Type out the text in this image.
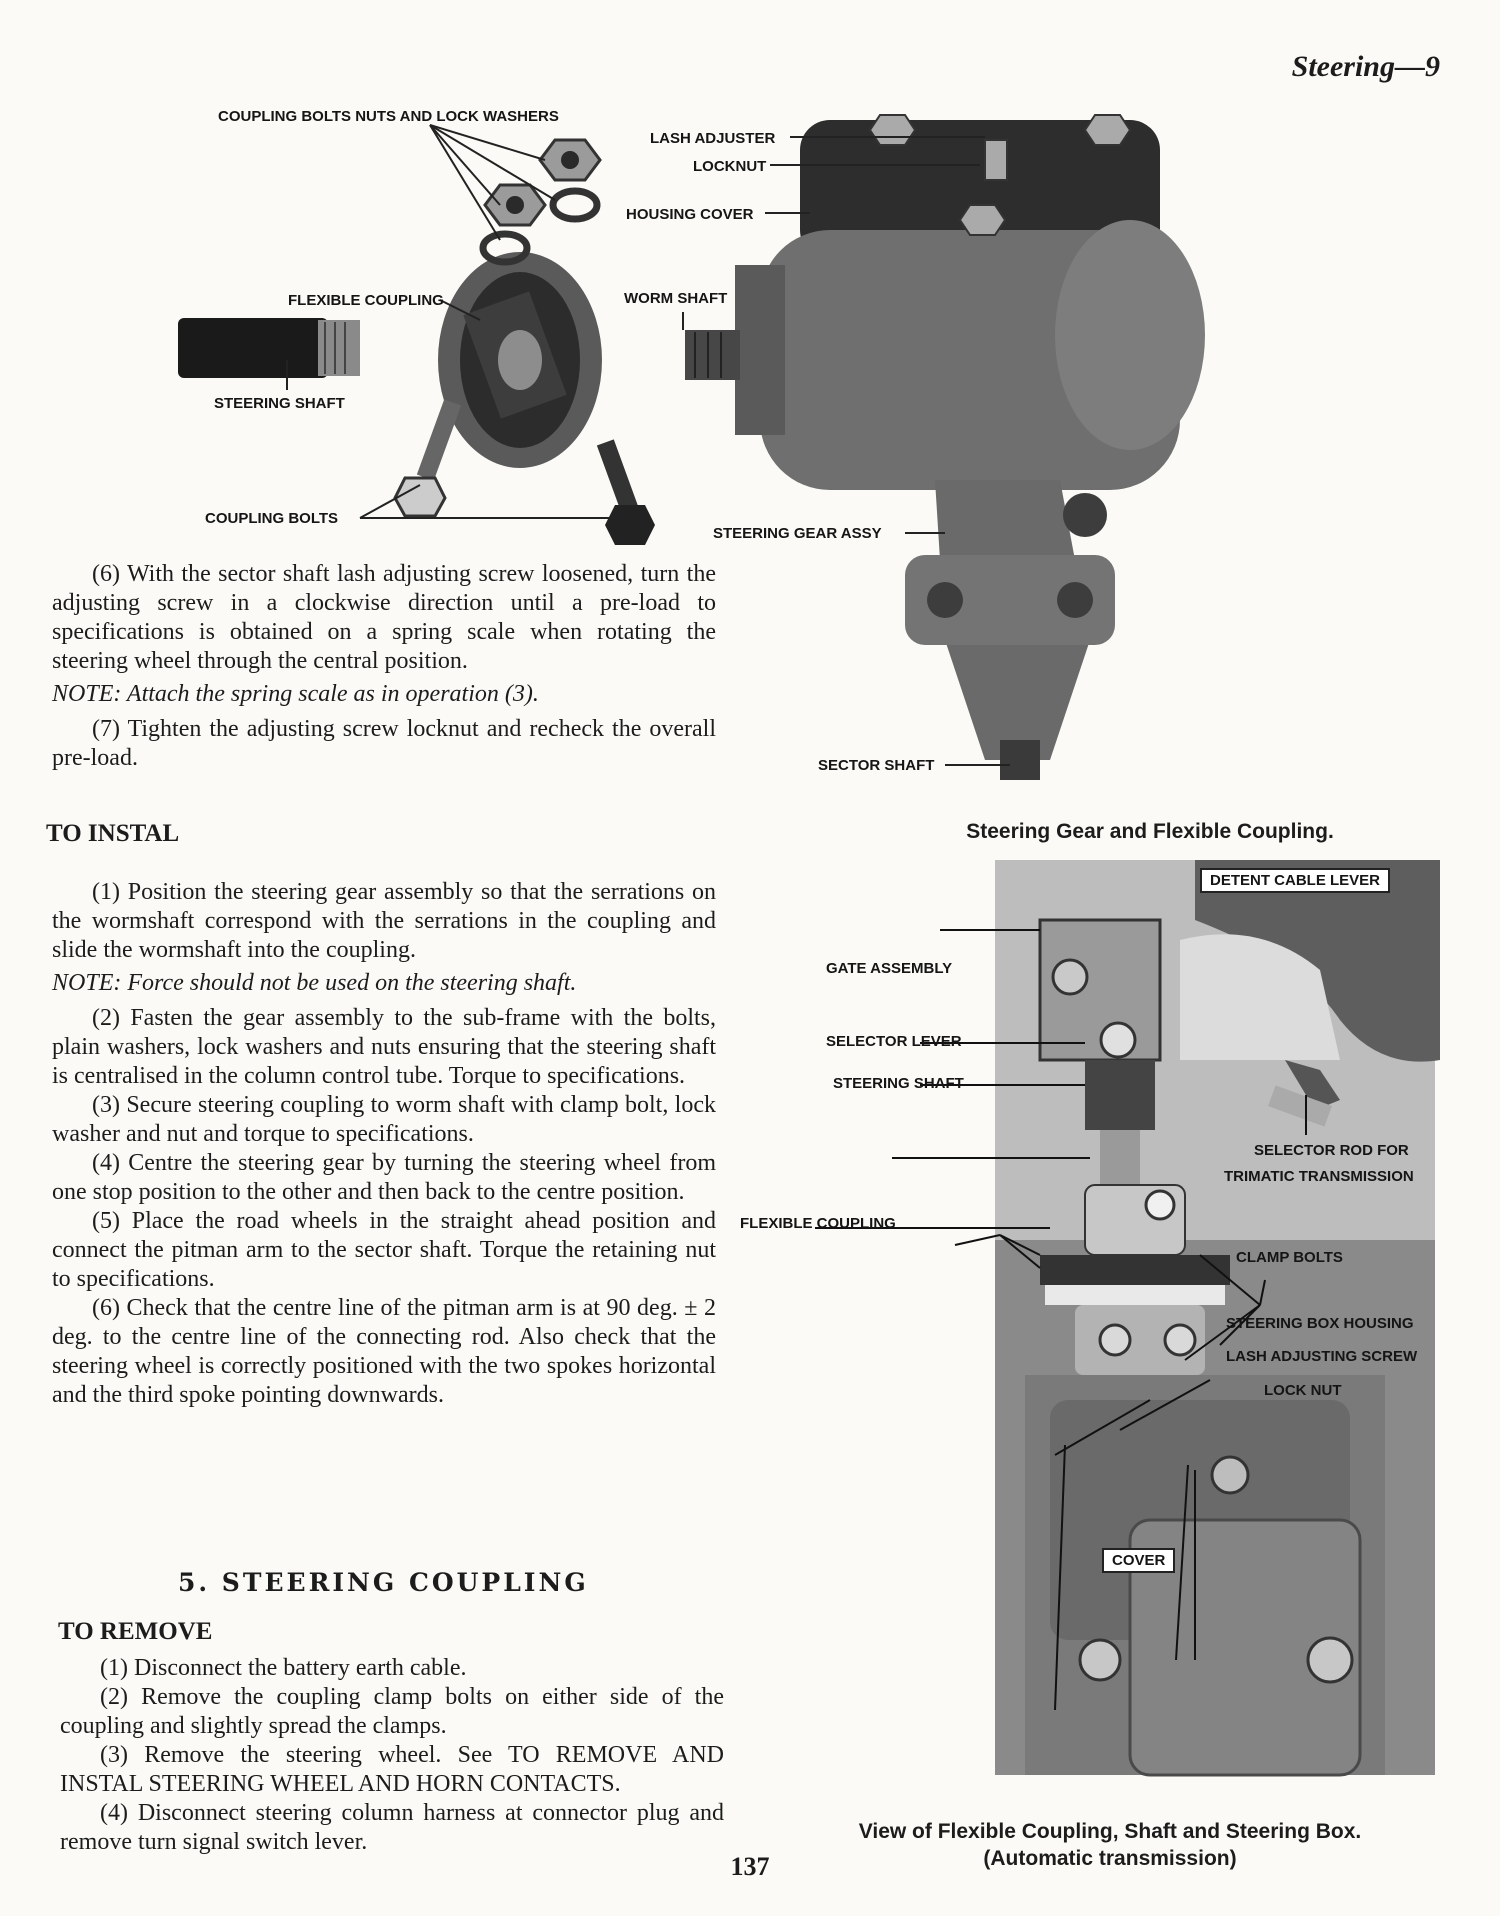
Steering—9
COUPLING BOLTS NUTS AND LOCK WASHERS
LASH ADJUSTER
LOCKNUT
HOUSING COVER
FLEXIBLE COUPLING	WORM SHAFT
STEERING SHAFT
COUPLING BOLTS
STEERING GEAR ASSY
SECTOR SHAFT

(6) With the sector shaft lash adjusting screw loosened, turn the adjusting screw in a clockwise direction until a pre-load to specifications is obtained on a spring scale when rotating the steering wheel through the central position.

NOTE: Attach the spring scale as in operation (3).

(7) Tighten the adjusting screw locknut and recheck the overall pre-load.

Steering Gear and Flexible Coupling.
TO INSTAL

(1) Position the steering gear assembly so that the serrations on the wormshaft correspond with the serrations in the coupling and slide the wormshaft into the coupling.

NOTE: Force should not be used on the steering shaft.

(2) Fasten the gear assembly to the sub-frame with the bolts, plain washers, lock washers and nuts ensuring that the steering shaft is centralised in the column control tube. Torque to specifications.

(3) Secure steering coupling to worm shaft with clamp bolt, lock washer and nut and torque to specifications.

(4) Centre the steering gear by turning the steering wheel from one stop position to the other and then back to the centre position.

(5) Place the road wheels in the straight ahead position and connect the pitman arm to the sector shaft. Torque the retaining nut to specifications.

(6) Check that the centre line of the pitman arm is at 90 deg. ± 2 deg. to the centre line of the connecting rod. Also check that the steering wheel is correctly positioned with the two spokes horizontal and the third spoke pointing downwards.

5. STEERING COUPLING
TO REMOVE

(1) Disconnect the battery earth cable.

(2) Remove the coupling clamp bolts on either side of the coupling and slightly spread the clamps.

(3) Remove the steering wheel. See TO REMOVE AND INSTAL STEERING WHEEL AND HORN CONTACTS.

(4) Disconnect steering column harness at connector plug and remove turn signal switch lever.

DETENT CABLE LEVER
GATE ASSEMBLY
SELECTOR LEVER
STEERING SHAFT
SELECTOR ROD FOR
TRIMATIC TRANSMISSION
FLEXIBLE COUPLING
CLAMP BOLTS
STEERING BOX HOUSING
LASH ADJUSTING SCREW
LOCK NUT
COVER
View of Flexible Coupling, Shaft and Steering Box.
(Automatic transmission)
137
